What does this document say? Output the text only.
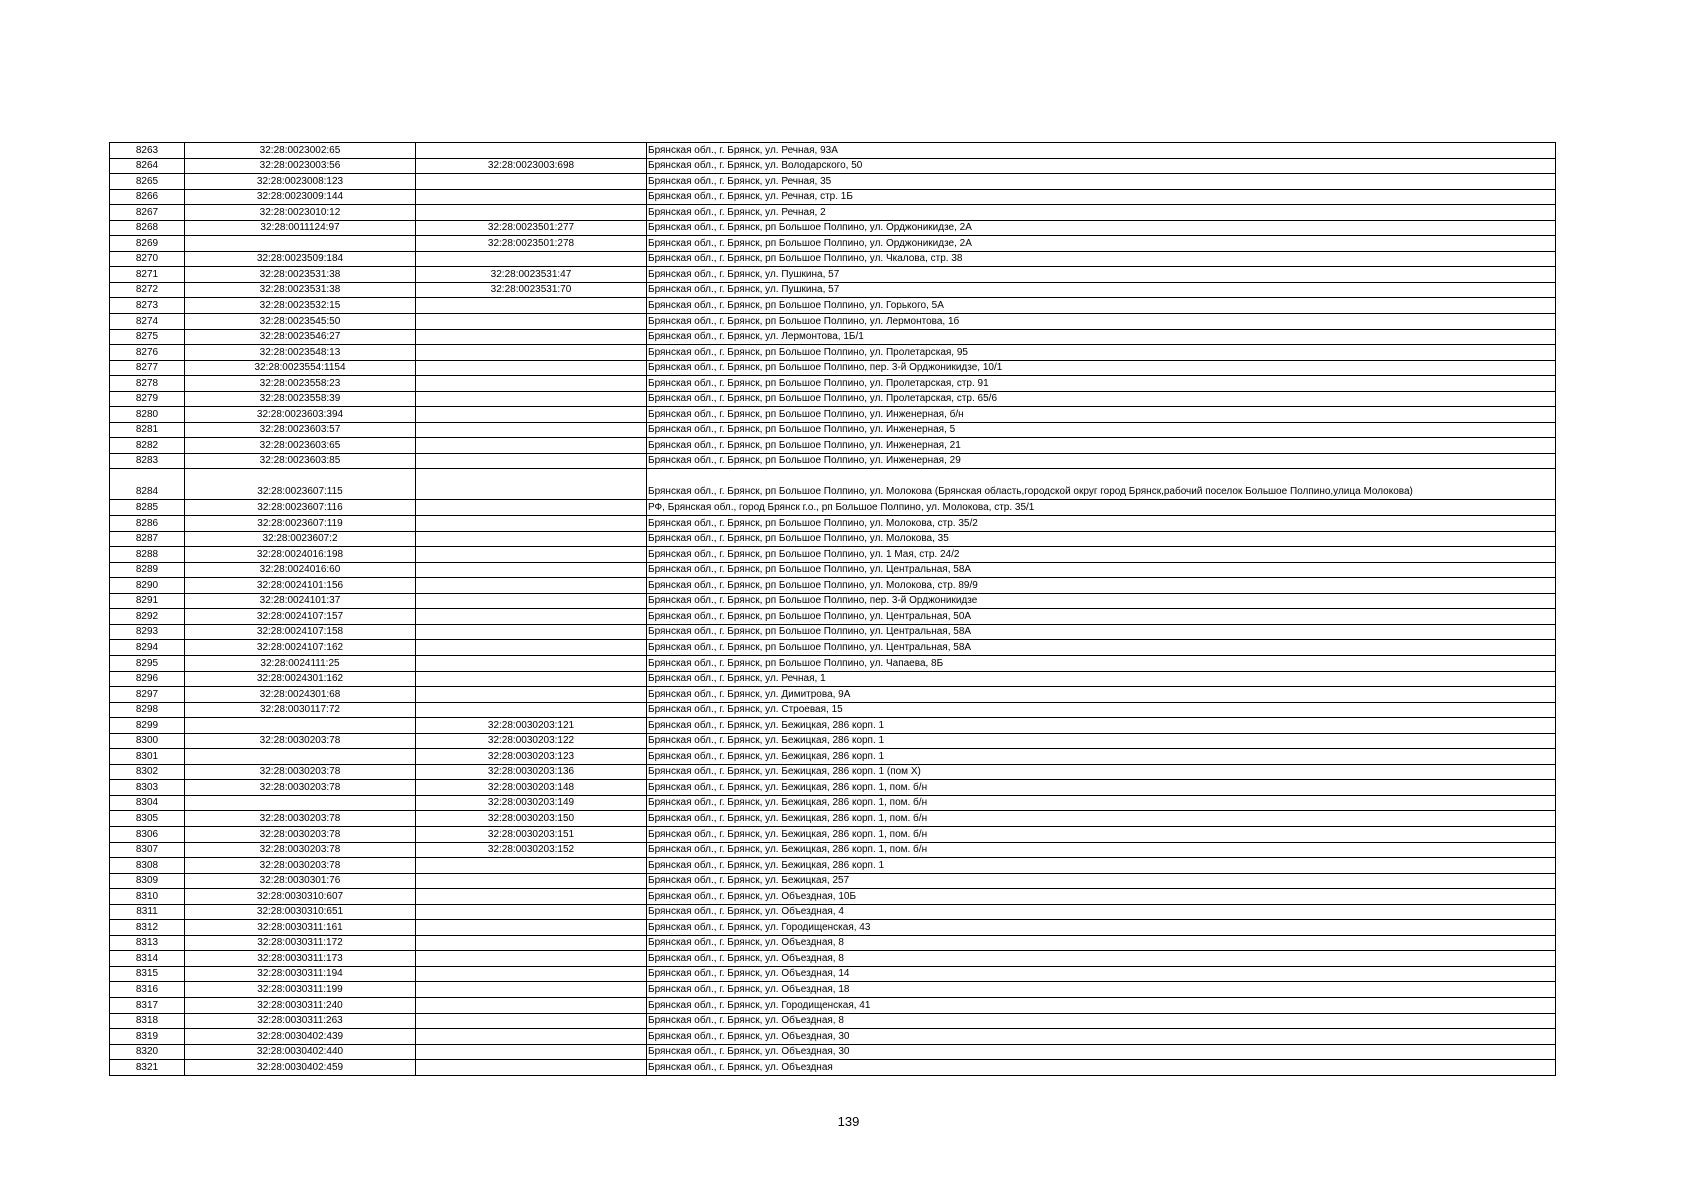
8263	32:28:0023002:65		Брянская обл., г. Брянск, ул. Речная, 93А
8264	32:28:0023003:56	32:28:0023003:698	Брянская обл., г. Брянск, ул. Володарского, 50
8265	32:28:0023008:123		Брянская обл., г. Брянск, ул. Речная, 35
8266	32:28:0023009:144		Брянская обл., г. Брянск, ул. Речная, стр. 1Б
8267	32:28:0023010:12		Брянская обл., г. Брянск, ул. Речная, 2
8268	32:28:0011124:97	32:28:0023501:277	Брянская обл., г. Брянск, рп Большое Полпино, ул. Орджоникидзе, 2А
8269		32:28:0023501:278	Брянская обл., г. Брянск, рп Большое Полпино, ул. Орджоникидзе, 2А
8270	32:28:0023509:184		Брянская обл., г. Брянск, рп Большое Полпино, ул. Чкалова, стр. 38
8271	32:28:0023531:38	32:28:0023531:47	Брянская обл., г. Брянск, ул. Пушкина, 57
8272	32:28:0023531:38	32:28:0023531:70	Брянская обл., г. Брянск, ул. Пушкина, 57
8273	32:28:0023532:15		Брянская обл., г. Брянск, рп Большое Полпино, ул. Горького, 5А
8274	32:28:0023545:50		Брянская обл., г. Брянск, рп Большое Полпино, ул. Лермонтова, 1б
8275	32:28:0023546:27		Брянская обл., г. Брянск, ул. Лермонтова, 1Б/1
8276	32:28:0023548:13		Брянская обл., г. Брянск, рп Большое Полпино, ул. Пролетарская, 95
8277	32:28:0023554:1154		Брянская обл., г. Брянск, рп Большое Полпино, пер. 3-й Орджоникидзе, 10/1
8278	32:28:0023558:23		Брянская обл., г. Брянск, рп Большое Полпино, ул. Пролетарская, стр. 91
8279	32:28:0023558:39		Брянская обл., г. Брянск, рп Большое Полпино, ул. Пролетарская, стр. 65/6
8280	32:28:0023603:394		Брянская обл., г. Брянск, рп Большое Полпино, ул. Инженерная, б/н
8281	32:28:0023603:57		Брянская обл., г. Брянск, рп Большое Полпино, ул. Инженерная, 5
8282	32:28:0023603:65		Брянская обл., г. Брянск, рп Большое Полпино, ул. Инженерная, 21
8283	32:28:0023603:85		Брянская обл., г. Брянск, рп Большое Полпино, ул. Инженерная, 29
8284	32:28:0023607:115		Брянская обл., г. Брянск, рп Большое Полпино, ул. Молокова (Брянская область,городской округ город Брянск,рабочий поселок Большое Полпино,улица Молокова)
8285	32:28:0023607:116		РФ, Брянская обл., город Брянск г.о., рп Большое Полпино, ул. Молокова, стр. 35/1
8286	32:28:0023607:119		Брянская обл., г. Брянск, рп Большое Полпино, ул. Молокова, стр. 35/2
8287	32:28:0023607:2		Брянская обл., г. Брянск, рп Большое Полпино, ул. Молокова, 35
8288	32:28:0024016:198		Брянская обл., г. Брянск, рп Большое Полпино, ул. 1 Мая, стр. 24/2
8289	32:28:0024016:60		Брянская обл., г. Брянск, рп Большое Полпино, ул. Центральная, 58А
8290	32:28:0024101:156		Брянская обл., г. Брянск, рп Большое Полпино, ул. Молокова, стр. 89/9
8291	32:28:0024101:37		Брянская обл., г. Брянск, рп Большое Полпино, пер. 3-й Орджоникидзе
8292	32:28:0024107:157		Брянская обл., г. Брянск, рп Большое Полпино, ул. Центральная, 50А
8293	32:28:0024107:158		Брянская обл., г. Брянск, рп Большое Полпино, ул. Центральная, 58А
8294	32:28:0024107:162		Брянская обл., г. Брянск, рп Большое Полпино, ул. Центральная, 58А
8295	32:28:0024111:25		Брянская обл., г. Брянск, рп Большое Полпино, ул. Чапаева, 8Б
8296	32:28:0024301:162		Брянская обл., г. Брянск, ул. Речная, 1
8297	32:28:0024301:68		Брянская обл., г. Брянск, ул. Димитрова, 9А
8298	32:28:0030117:72		Брянская обл., г. Брянск, ул. Строевая, 15
8299		32:28:0030203:121	Брянская обл., г. Брянск, ул. Бежицкая, 286 корп. 1
8300	32:28:0030203:78	32:28:0030203:122	Брянская обл., г. Брянск, ул. Бежицкая, 286 корп. 1
8301		32:28:0030203:123	Брянская обл., г. Брянск, ул. Бежицкая, 286 корп. 1
8302	32:28:0030203:78	32:28:0030203:136	Брянская обл., г. Брянск, ул. Бежицкая, 286 корп. 1 (пом X)
8303	32:28:0030203:78	32:28:0030203:148	Брянская обл., г. Брянск, ул. Бежицкая, 286 корп. 1, пом. б/н
8304		32:28:0030203:149	Брянская обл., г. Брянск, ул. Бежицкая, 286 корп. 1, пом. б/н
8305	32:28:0030203:78	32:28:0030203:150	Брянская обл., г. Брянск, ул. Бежицкая, 286 корп. 1, пом. б/н
8306	32:28:0030203:78	32:28:0030203:151	Брянская обл., г. Брянск, ул. Бежицкая, 286 корп. 1, пом. б/н
8307	32:28:0030203:78	32:28:0030203:152	Брянская обл., г. Брянск, ул. Бежицкая, 286 корп. 1, пом. б/н
8308	32:28:0030203:78		Брянская обл., г. Брянск, ул. Бежицкая, 286 корп. 1
8309	32:28:0030301:76		Брянская обл., г. Брянск, ул. Бежицкая, 257
8310	32:28:0030310:607		Брянская обл., г. Брянск, ул. Объездная, 10Б
8311	32:28:0030310:651		Брянская обл., г. Брянск, ул. Объездная, 4
8312	32:28:0030311:161		Брянская обл., г. Брянск, ул. Городищенская, 43
8313	32:28:0030311:172		Брянская обл., г. Брянск, ул. Объездная, 8
8314	32:28:0030311:173		Брянская обл., г. Брянск, ул. Объездная, 8
8315	32:28:0030311:194		Брянская обл., г. Брянск, ул. Объездная, 14
8316	32:28:0030311:199		Брянская обл., г. Брянск, ул. Объездная, 18
8317	32:28:0030311:240		Брянская обл., г. Брянск, ул. Городищенская, 41
8318	32:28:0030311:263		Брянская обл., г. Брянск, ул. Объездная, 8
8319	32:28:0030402:439		Брянская обл., г. Брянск, ул. Объездная, 30
8320	32:28:0030402:440		Брянская обл., г. Брянск, ул. Объездная, 30
8321	32:28:0030402:459		Брянская обл., г. Брянск, ул. Объездная
139
